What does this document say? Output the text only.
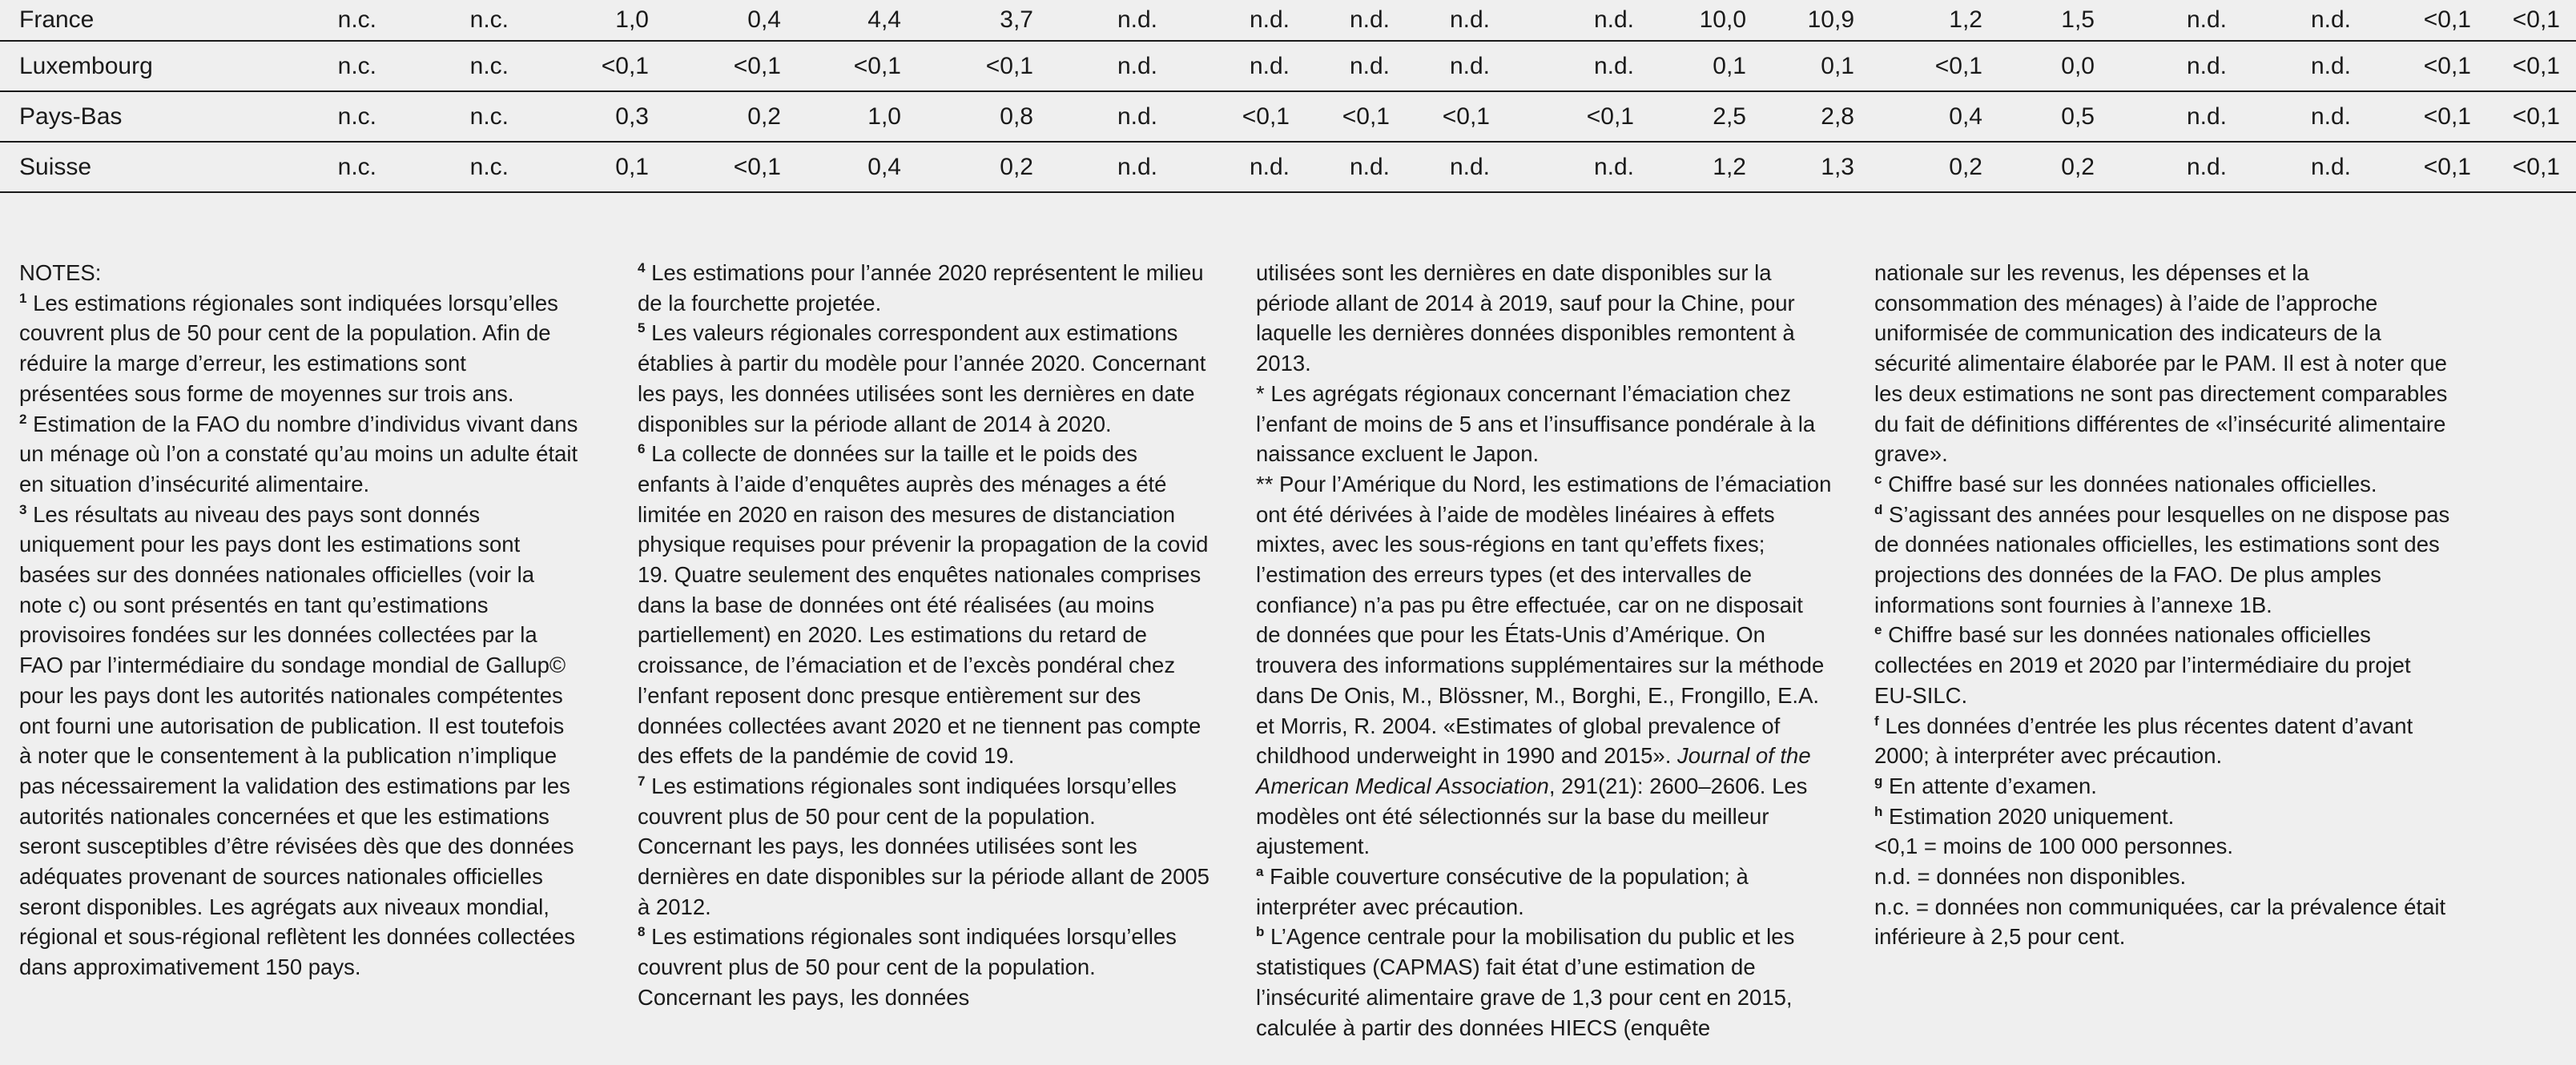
France	n.c.	n.c.	1,0	0,4	4,4	3,7	n.d.	n.d.	n.d.	n.d.	n.d.	10,0	10,9	1,2	1,5	n.d.	n.d.	<0,1	<0,1
Luxembourg	n.c.	n.c.	<0,1	<0,1	<0,1	<0,1	n.d.	n.d.	n.d.	n.d.	n.d.	0,1	0,1	<0,1	0,0	n.d.	n.d.	<0,1	<0,1
Pays-Bas	n.c.	n.c.	0,3	0,2	1,0	0,8	n.d.	<0,1	<0,1	<0,1	<0,1	2,5	2,8	0,4	0,5	n.d.	n.d.	<0,1	<0,1
Suisse	n.c.	n.c.	0,1	<0,1	0,4	0,2	n.d.	n.d.	n.d.	n.d.	n.d.	1,2	1,3	0,2	0,2	n.d.	n.d.	<0,1	<0,1

NOTES:

$^1$ Les estimations régionales sont indiquées lorsqu’elles couvrent plus de 50 pour cent de la population. Afin de réduire la marge d’erreur, les estimations sont présentées sous forme de moyennes sur trois ans.

$^2$ Estimation de la FAO du nombre d’individus vivant dans un ménage où l’on a constaté qu’au moins un adulte était en situation d’insécurité alimentaire.

$^3$ Les résultats au niveau des pays sont donnés uniquement pour les pays dont les estimations sont basées sur des données nationales officielles (voir la note c) ou sont présentés en tant qu’estimations provisoires fondées sur les données collectées par la FAO par l’intermédiaire du sondage mondial de Gallup© pour les pays dont les autorités nationales compétentes ont fourni une autorisation de publication. Il est toutefois à noter que le consentement à la publication n’implique pas nécessairement la validation des estimations par les autorités nationales concernées et que les estimations seront susceptibles d’être révisées dès que des données adéquates provenant de sources nationales officielles seront disponibles. Les agrégats aux niveaux mondial, régional et sous-régional reflètent les données collectées dans approximativement 150 pays.

$^4$ Les estimations pour l’année 2020 représentent le milieu de la fourchette projetée.

$^5$ Les valeurs régionales correspondent aux estimations établies à partir du modèle pour l’année 2020. Concernant les pays, les données utilisées sont les dernières en date disponibles sur la période allant de 2014 à 2020.

$^6$ La collecte de données sur la taille et le poids des enfants à l’aide d’enquêtes auprès des ménages a été limitée en 2020 en raison des mesures de distanciation physique requises pour prévenir la propagation de la covid 19. Quatre seulement des enquêtes nationales comprises dans la base de données ont été réalisées (au moins partiellement) en 2020. Les estimations du retard de croissance, de l’émaciation et de l’excès pondéral chez l’enfant reposent donc presque entièrement sur des données collectées avant 2020 et ne tiennent pas compte des effets de la pandémie de covid 19.

$^7$ Les estimations régionales sont indiquées lorsqu’elles couvrent plus de 50 pour cent de la population. Concernant les pays, les données utilisées sont les dernières en date disponibles sur la période allant de 2005 à 2012.

$^8$ Les estimations régionales sont indiquées lorsqu’elles couvrent plus de 50 pour cent de la population. Concernant les pays, les données

utilisées sont les dernières en date disponibles sur la période allant de 2014 à 2019, sauf pour la Chine, pour laquelle les dernières données disponibles remontent à 2013.

* Les agrégats régionaux concernant l’émaciation chez l’enfant de moins de 5 ans et l’insuffisance pondérale à la naissance excluent le Japon.

** Pour l’Amérique du Nord, les estimations de l’émaciation ont été dérivées à l’aide de modèles linéaires à effets mixtes, avec les sous-régions en tant qu’effets fixes; l’estimation des erreurs types (et des intervalles de confiance) n’a pas pu être effectuée, car on ne disposait de données que pour les États-Unis d’Amérique. On trouvera des informations supplémentaires sur la méthode dans De Onis, M., Blössner, M., Borghi, E., Frongillo, E.A. et Morris, R. 2004. «Estimates of global prevalence of childhood underweight in 1990 and 2015». Journal of the American Medical Association, 291(21): 2600–2606. Les modèles ont été sélectionnés sur la base du meilleur ajustement.

$^a$ Faible couverture consécutive de la population; à interpréter avec précaution.

$^b$ L’Agence centrale pour la mobilisation du public et les statistiques (CAPMAS) fait état d’une estimation de l’insécurité alimentaire grave de 1,3 pour cent en 2015, calculée à partir des données HIECS (enquête

nationale sur les revenus, les dépenses et la consommation des ménages) à l’aide de l’approche uniformisée de communication des indicateurs de la sécurité alimentaire élaborée par le PAM. Il est à noter que les deux estimations ne sont pas directement comparables du fait de définitions différentes de «l’insécurité alimentaire grave».

$^c$ Chiffre basé sur les données nationales officielles.

$^d$ S’agissant des années pour lesquelles on ne dispose pas de données nationales officielles, les estimations sont des projections des données de la FAO. De plus amples informations sont fournies à l’annexe 1B.

$^e$ Chiffre basé sur les données nationales officielles collectées en 2019 et 2020 par l’intermédiaire du projet EU-SILC.

$^f$ Les données d’entrée les plus récentes datent d’avant 2000; à interpréter avec précaution.

$^g$ En attente d’examen.

$^h$ Estimation 2020 uniquement.

<0,1 = moins de 100 000 personnes.

n.d. = données non disponibles.

n.c. = données non communiquées, car la prévalence était inférieure à 2,5 pour cent.
